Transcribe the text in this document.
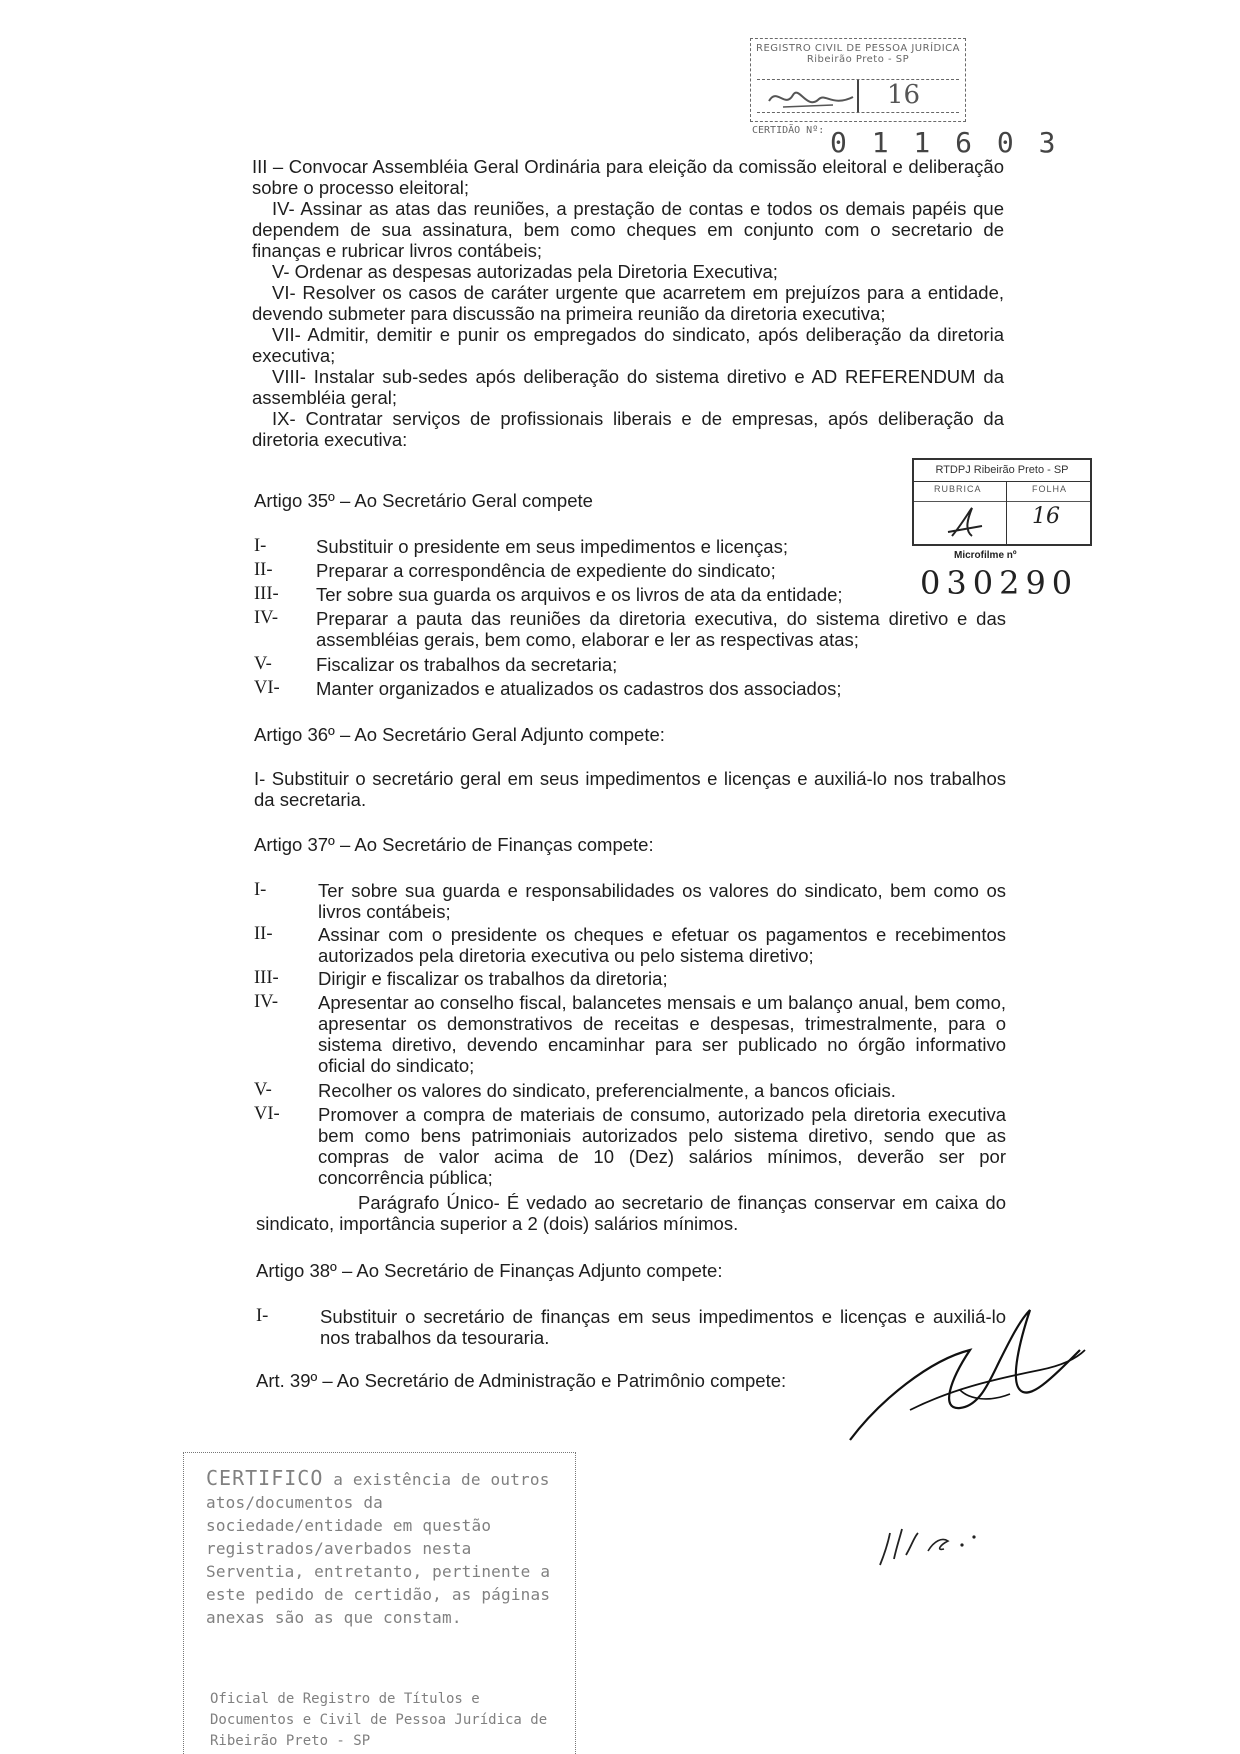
REGISTRO CIVIL DE PESSOA JURÍDICA
Ribeirão Preto - SP
16
CERTIDÃO Nº: 0 1 1 6 0 3
III – Convocar Assembléia Geral Ordinária para eleição da comissão eleitoral e deliberação sobre o processo eleitoral;
IV- Assinar as atas das reuniões, a prestação de contas e todos os demais papéis que dependem de sua assinatura, bem como cheques em conjunto com o secretario de finanças e rubricar livros contábeis;
V- Ordenar as despesas autorizadas pela Diretoria Executiva;
VI- Resolver os casos de caráter urgente que acarretem em prejuízos para a entidade, devendo submeter para discussão na primeira reunião da diretoria executiva;
VII- Admitir, demitir e punir os empregados do sindicato, após deliberação da diretoria executiva;
VIII- Instalar sub-sedes após deliberação do sistema diretivo e AD REFERENDUM da assembléia geral;
IX- Contratar serviços de profissionais liberais e de empresas, após deliberação da diretoria executiva:
RTDPJ Ribeirão Preto - SP
RUBRICA	FOLHA
16
Microfilme nº
030290
Artigo 35º – Ao Secretário Geral compete
I-	Substituir o presidente em seus impedimentos e licenças;
II- Preparar a correspondência de expediente do sindicato;
III- Ter sobre sua guarda os arquivos e os livros de ata da entidade;
IV- Preparar a pauta das reuniões da diretoria executiva, do sistema diretivo e das assembléias gerais, bem como, elaborar e ler as respectivas atas;
V- Fiscalizar os trabalhos da secretaria;
VI- Manter organizados e atualizados os cadastros dos associados;
Artigo 36º – Ao Secretário Geral Adjunto compete:
I- Substituir o secretário geral em seus impedimentos e licenças e auxiliá-lo nos trabalhos da secretaria.
Artigo 37º – Ao Secretário de Finanças compete:
I-	Ter sobre sua guarda e responsabilidades os valores do sindicato, bem como os livros contábeis;
II- Assinar com o presidente os cheques e efetuar os pagamentos e recebimentos autorizados pela diretoria executiva ou pelo sistema diretivo;
III- Dirigir e fiscalizar os trabalhos da diretoria;
IV- Apresentar ao conselho fiscal, balancetes mensais e um balanço anual, bem como, apresentar os demonstrativos de receitas e despesas, trimestralmente, para o sistema diretivo, devendo encaminhar para ser publicado no órgão informativo oficial do sindicato;
V- Recolher os valores do sindicato, preferencialmente, a bancos oficiais.
VI- Promover a compra de materiais de consumo, autorizado pela diretoria executiva bem como bens patrimoniais autorizados pelo sistema diretivo, sendo que as compras de valor acima de 10 (Dez) salários mínimos, deverão ser por concorrência pública;
Parágrafo Único- É vedado ao secretario de finanças conservar em caixa do sindicato, importância superior a 2 (dois) salários mínimos.
Artigo 38º – Ao Secretário de Finanças Adjunto compete:
I-	Substituir o secretário de finanças em seus impedimentos e licenças e auxiliá-lo nos trabalhos da tesouraria.
Art. 39º – Ao Secretário de Administração e Patrimônio compete:
CERTIFICO a existência de outros atos/documentos da sociedade/entidade em questão registrados/averbados nesta Serventia, entretanto, pertinente a este pedido de certidão, as páginas anexas são as que constam.
Oficial de Registro de Títulos e Documentos e Civil de Pessoa Jurídica de Ribeirão Preto - SP
